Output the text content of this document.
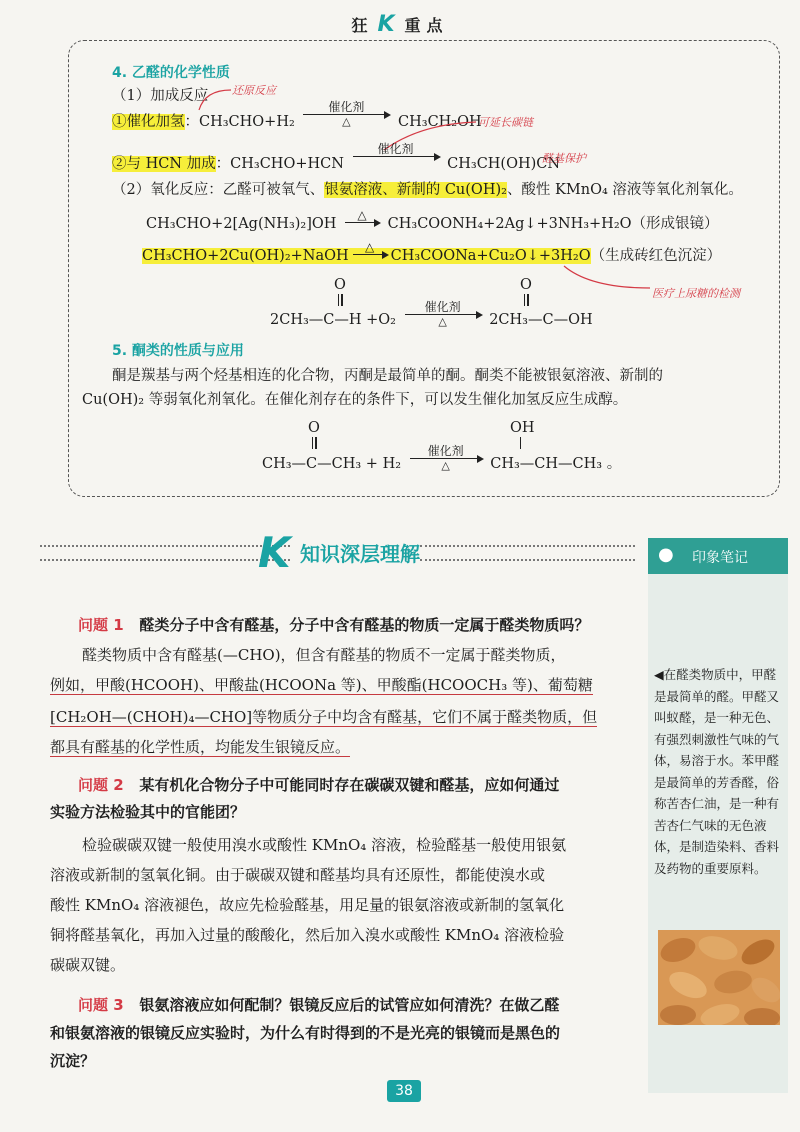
狂 K 重点
4. 乙醛的化学性质
（1）加成反应 还原反应
①催化加氢：CH₃CHO+H₂
催化剂
△	CH₃CH₂OH
可延长碳链
②与 HCN 加成：CH₃CHO+HCN
催化剂

CH₃CH(OH)CN
醛基保护
（2）氧化反应：乙醛可被氧气、银氨溶液、新制的 Cu(OH)₂、酸性 KMnO₄ 溶液等氧化剂氧化。
CH₃CHO+2[Ag(NH₃)₂]OH
△

CH₃COONH₄+2Ag↓+3NH₃+H₂O（形成银镜）
CH₃CHO+2Cu(OH)₂+NaOH
△

CH₃COONa+Cu₂O↓+3H₂O（生成砖红色沉淀）
医疗上尿糖的检测
O	O
2CH₃—C—H +O₂
催化剂
△	2CH₃—C—OH
5. 酮类的性质与应用
酮是羰基与两个烃基相连的化合物，丙酮是最简单的酮。酮类不能被银氨溶液、新制的
Cu(OH)₂ 等弱氧化剂氧化。在催化剂存在的条件下，可以发生催化加氢反应生成醇。
O	OH
CH₃—C—CH₃ + H₂
催化剂
△	CH₃—CH—CH₃ 。
K 知识深层理解	● 印象笔记
◀在醛类物质中，甲醛是最简单的醛。甲醛又叫蚁醛，是一种无色、有强烈刺激性气味的气体，易溶于水。苯甲醛是最简单的芳香醛，俗称苦杏仁油，是一种有苦杏仁气味的无色液体，是制造染料、香料及药物的重要原料。
问题 1 醛类分子中含有醛基，分子中含有醛基的物质一定属于醛类物质吗？
醛类物质中含有醛基(—CHO)，但含有醛基的物质不一定属于醛类物质，
例如，甲酸(HCOOH)、甲酸盐(HCOONa 等)、甲酸酯(HCOOCH₃ 等)、葡萄糖
[CH₂OH—(CHOH)₄—CHO]等物质分子中均含有醛基，它们不属于醛类物质，但
都具有醛基的化学性质，均能发生银镜反应。
问题 2 某有机化合物分子中可能同时存在碳碳双键和醛基，应如何通过
实验方法检验其中的官能团？
检验碳碳双键一般使用溴水或酸性 KMnO₄ 溶液，检验醛基一般使用银氨
溶液或新制的氢氧化铜。由于碳碳双键和醛基均具有还原性，都能使溴水或
酸性 KMnO₄ 溶液褪色，故应先检验醛基，用足量的银氨溶液或新制的氢氧化
铜将醛基氧化，再加入过量的酸酸化，然后加入溴水或酸性 KMnO₄ 溶液检验
碳碳双键。
问题 3 银氨溶液应如何配制？银镜反应后的试管应如何清洗？在做乙醛
和银氨溶液的银镜反应实验时，为什么有时得到的不是光亮的银镜而是黑色的
沉淀？
38
